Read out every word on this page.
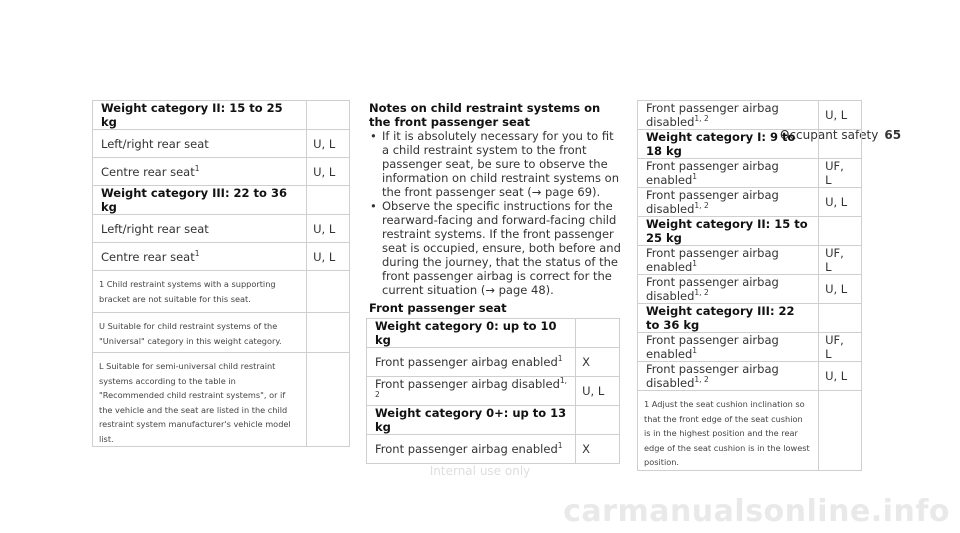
Occupant safety 65
Weight category II: 15 to 25 kg	
Left/right rear seat	U, L
Centre rear seat$^1$	U, L
Weight category III: 22 to 36 kg	
Left/right rear seat	U, L
Centre rear seat$^1$	U, L
1 Child restraint systems with a supporting bracket are not suitable for this seat.	
U Suitable for child restraint systems of the "Universal" category in this weight category.	
L Suitable for semi-universal child restraint systems according to the table in "Recommended child restraint systems", or if the vehicle and the seat are listed in the child restraint system manufacturer's vehicle model list.	
Notes on child restraint systems on the front passenger seat
• If it is absolutely necessary for you to fit a child restraint system to the front passenger seat, be sure to observe the information on child restraint systems on the front passenger seat (→ page 69).
• Observe the specific instructions for the rearward-facing and forward-facing child restraint systems. If the front passenger seat is occupied, ensure, both before and during the journey, that the status of the front passenger airbag is correct for the current situation (→ page 48).
Front passenger seat
Weight category 0: up to 10 kg	
Front passenger airbag enabled$^1$	X
Front passenger airbag disabled$^{1, 2}$	U, L
Weight category 0+: up to 13 kg	
Front passenger airbag enabled$^1$	X
Front passenger airbag disabled$^{1, 2}$	U, L
Weight category I: 9 to 18 kg	
Front passenger airbag enabled$^1$	UF, L
Front passenger airbag disabled$^{1, 2}$	U, L
Weight category II: 15 to 25 kg	
Front passenger airbag enabled$^1$	UF, L
Front passenger airbag disabled$^{1, 2}$	U, L
Weight category III: 22 to 36 kg	
Front passenger airbag enabled$^1$	UF, L
Front passenger airbag disabled$^{1, 2}$	U, L
1 Adjust the seat cushion inclination so that the front edge of the seat cushion is in the highest position and the rear edge of the seat cushion is in the lowest position.	
Internal use only
carmanualsonline.info
